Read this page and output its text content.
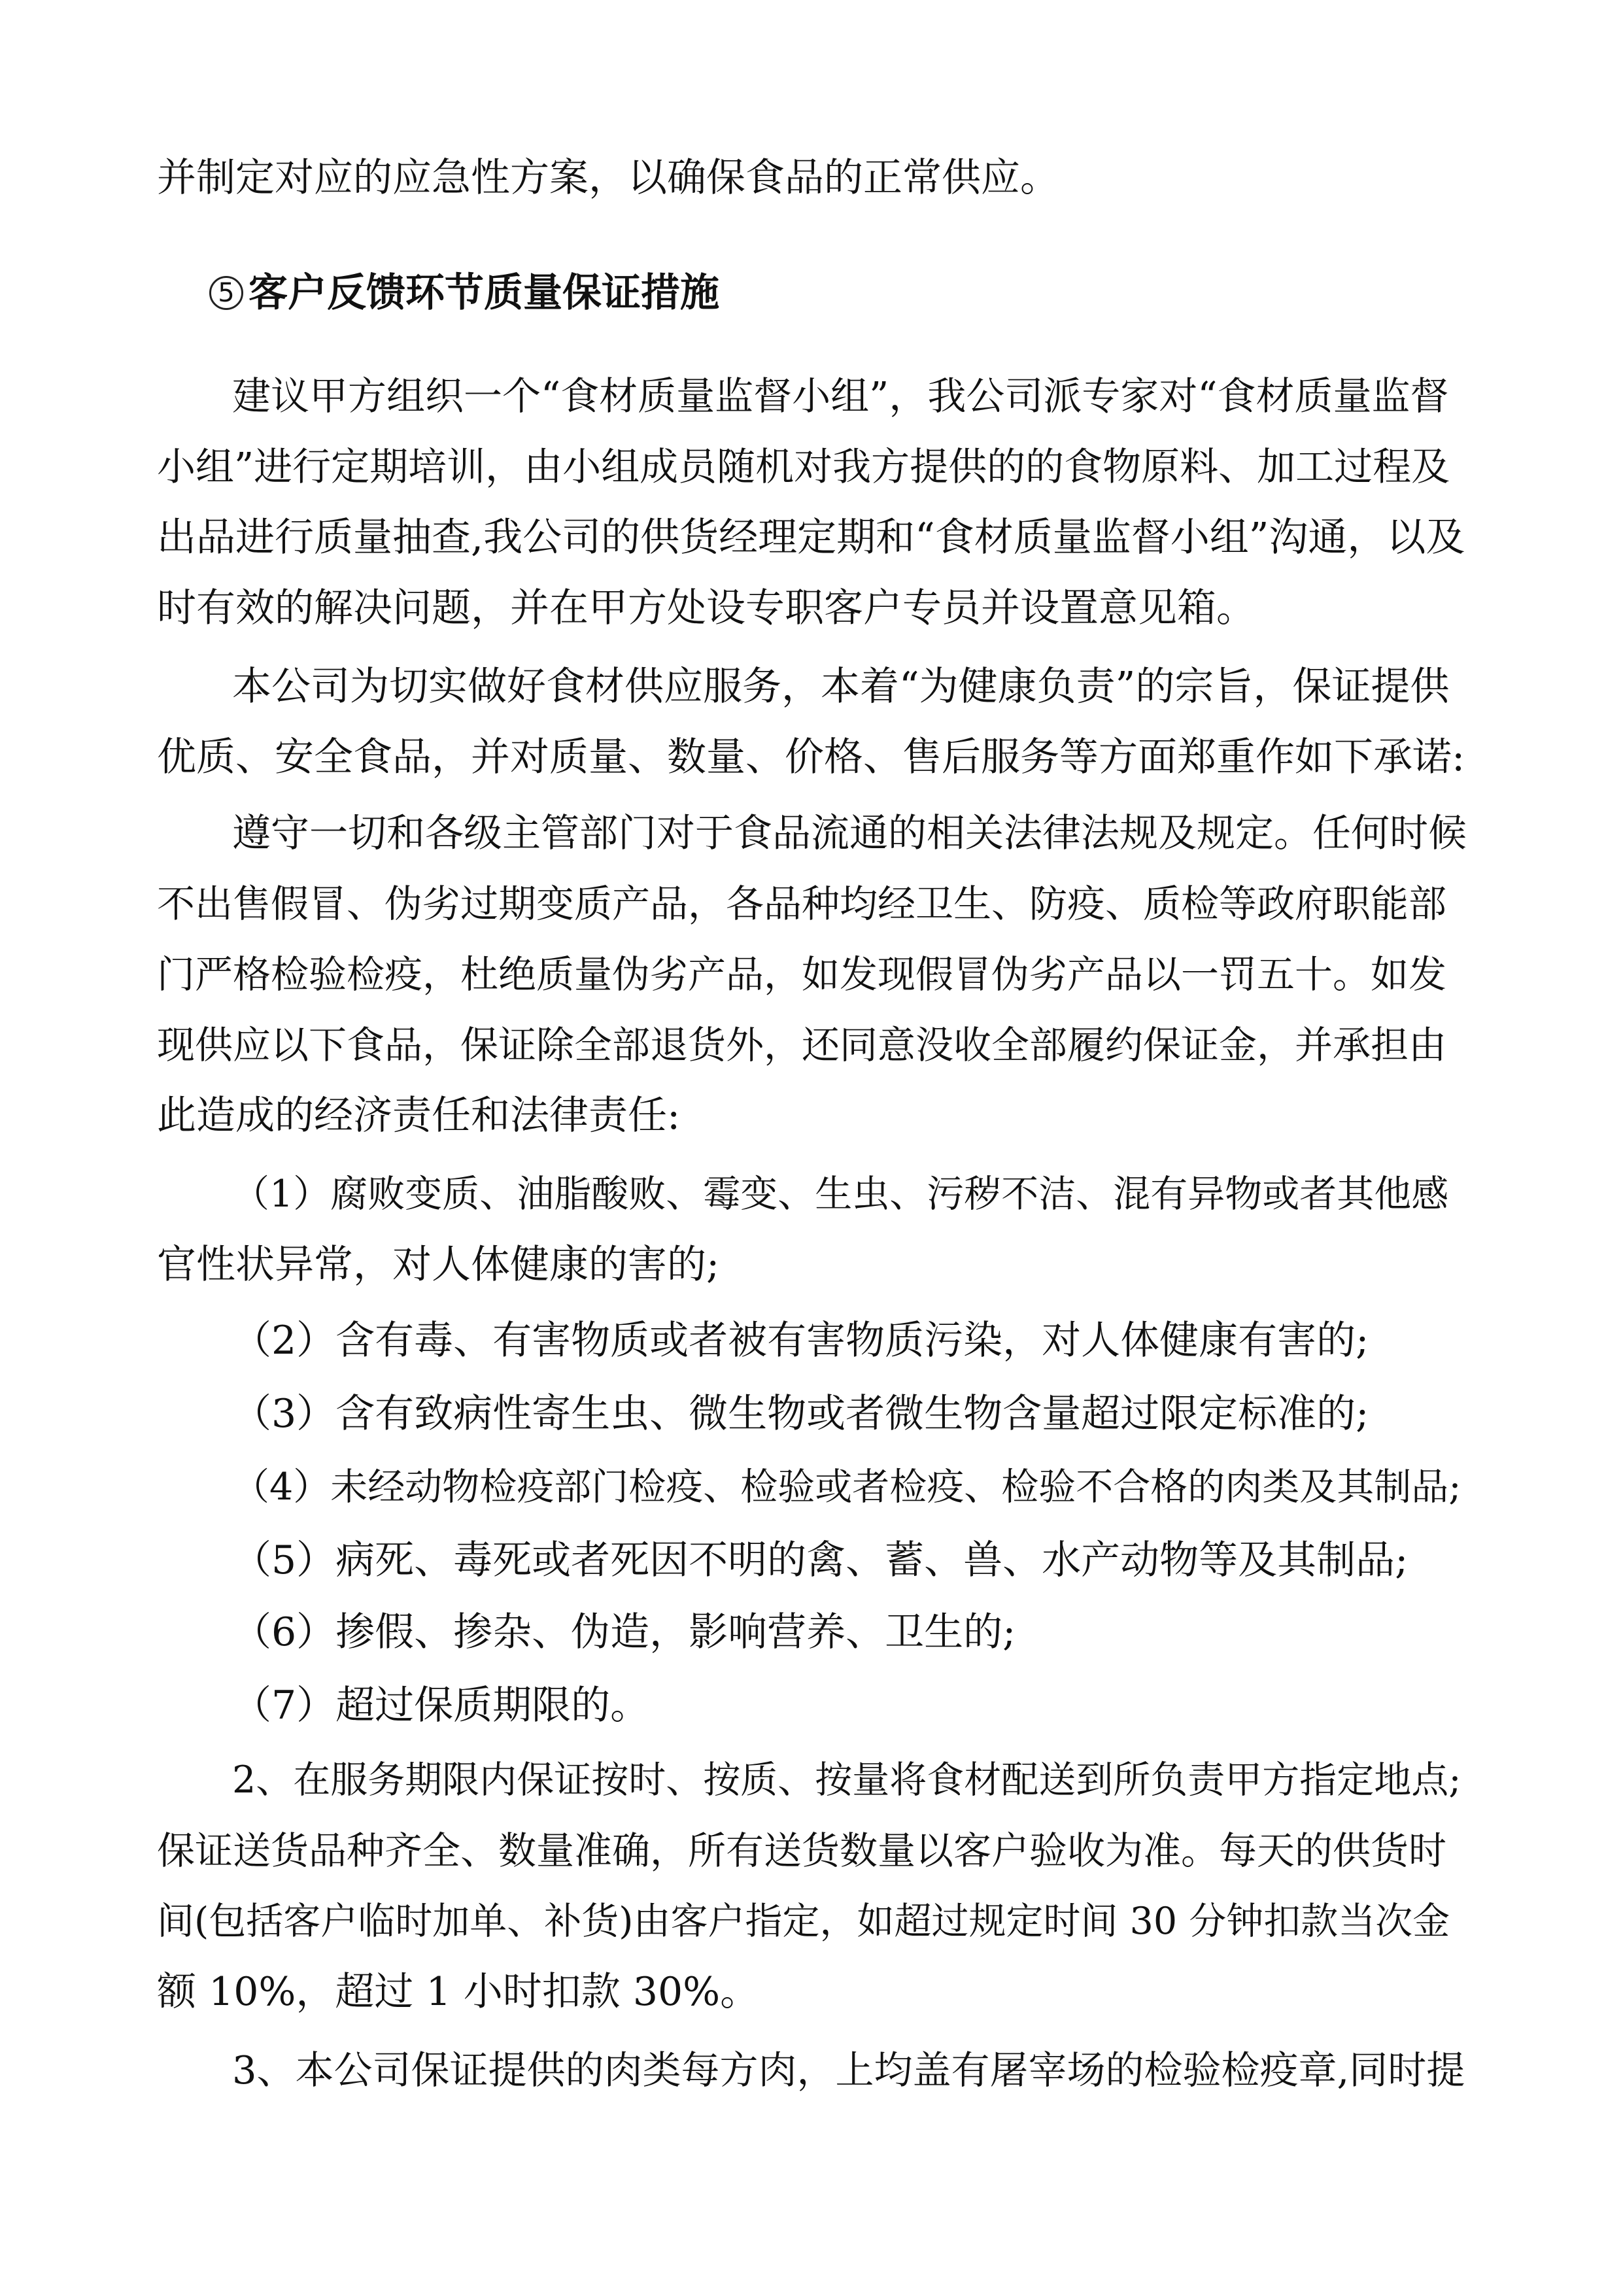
并制定对应的应急性方案，以确保食品的正常供应。

5 客户反馈环节质量保证措施

建议甲方组织一个“食材质量监督小组”，我公司派专家对“食材质量监督

小组”进行定期培训，由小组成员随机对我方提供的的食物原料、加工过程及

出品进行质量抽查,我公司的供货经理定期和“食材质量监督小组”沟通，以及

时有效的解决问题，并在甲方处设专职客户专员并设置意见箱。

本公司为切实做好食材供应服务，本着“为健康负责”的宗旨，保证提供

优质、安全食品，并对质量、数量、价格、售后服务等方面郑重作如下承诺:

遵守一切和各级主管部门对于食品流通的相关法律法规及规定。任何时候

不出售假冒、伪劣过期变质产品，各品种均经卫生、防疫、质检等政府职能部

门严格检验检疫，杜绝质量伪劣产品，如发现假冒伪劣产品以一罚五十。如发

现供应以下食品，保证除全部退货外，还同意没收全部履约保证金，并承担由

此造成的经济责任和法律责任:

（1）腐败变质、油脂酸败、霉变、生虫、污秽不洁、混有异物或者其他感

官性状异常，对人体健康的害的;

（2）含有毒、有害物质或者被有害物质污染，对人体健康有害的;

（3）含有致病性寄生虫、微生物或者微生物含量超过限定标准的;

（4）未经动物检疫部门检疫、检验或者检疫、检验不合格的肉类及其制品;

（5）病死、毒死或者死因不明的禽、蓄、兽、水产动物等及其制品;

（6）掺假、掺杂、伪造，影响营养、卫生的;

（7）超过保质期限的。

2、在服务期限内保证按时、按质、按量将食材配送到所负责甲方指定地点;

保证送货品种齐全、数量准确，所有送货数量以客户验收为准。每天的供货时

间(包括客户临时加单、补货)由客户指定，如超过规定时间 30 分钟扣款当次金

额 10%，超过 1 小时扣款 30%。

3、本公司保证提供的肉类每方肉，上均盖有屠宰场的检验检疫章,同时提
